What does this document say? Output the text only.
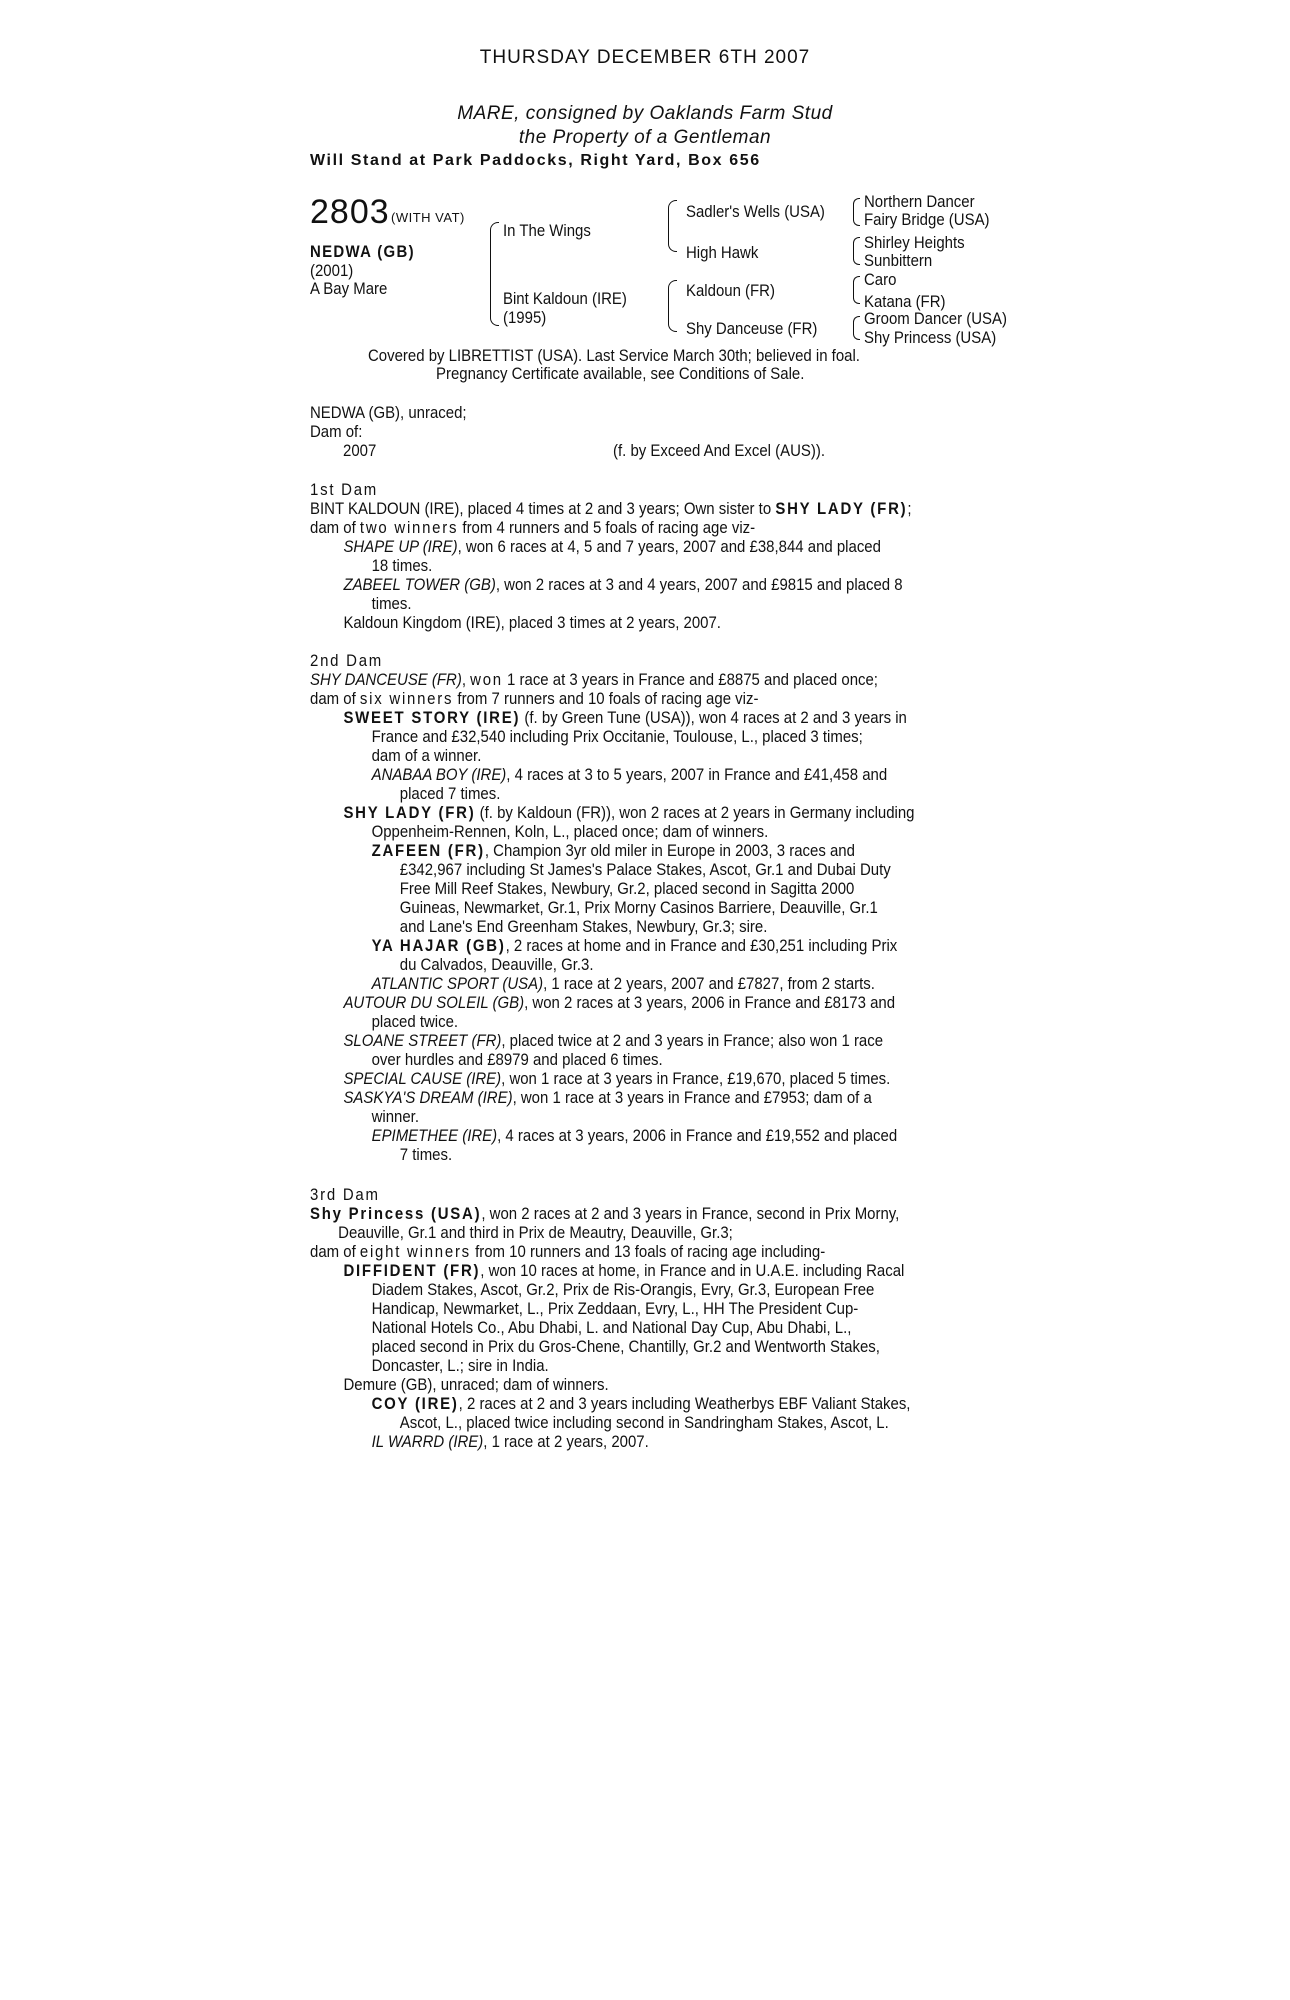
THURSDAY DECEMBER 6TH 2007
MARE, consigned by Oaklands Farm Stud
the Property of a Gentleman
Will Stand at Park Paddocks, Right Yard, Box 656
2803 (WITH VAT)
NEDWA (GB)
(2001)
A Bay Mare
In The Wings
Bint Kaldoun (IRE)
(1995)
Sadler's Wells (USA)
High Hawk
Kaldoun (FR)
Shy Danceuse (FR)
Northern Dancer
Fairy Bridge (USA)
Shirley Heights
Sunbittern
Caro
Katana (FR)
Groom Dancer (USA)
Shy Princess (USA)
Covered by LIBRETTIST (USA). Last Service March 30th; believed in foal.
Pregnancy Certificate available, see Conditions of Sale.
NEDWA (GB), unraced;
Dam of:
2007	(f. by Exceed And Excel (AUS)).
1st Dam
BINT KALDOUN (IRE), placed 4 times at 2 and 3 years; Own sister to SHY LADY (FR);
dam of two winners from 4 runners and 5 foals of racing age viz-
SHAPE UP (IRE), won 6 races at 4, 5 and 7 years, 2007 and £38,844 and placed
18 times.
ZABEEL TOWER (GB), won 2 races at 3 and 4 years, 2007 and £9815 and placed 8
times.
Kaldoun Kingdom (IRE), placed 3 times at 2 years, 2007.
2nd Dam
SHY DANCEUSE (FR), won 1 race at 3 years in France and £8875 and placed once;
dam of six winners from 7 runners and 10 foals of racing age viz-
SWEET STORY (IRE) (f. by Green Tune (USA)), won 4 races at 2 and 3 years in
France and £32,540 including Prix Occitanie, Toulouse, L., placed 3 times;
dam of a winner.
ANABAA BOY (IRE), 4 races at 3 to 5 years, 2007 in France and £41,458 and
placed 7 times.
SHY LADY (FR) (f. by Kaldoun (FR)), won 2 races at 2 years in Germany including
Oppenheim-Rennen, Koln, L., placed once; dam of winners.
ZAFEEN (FR), Champion 3yr old miler in Europe in 2003, 3 races and
£342,967 including St James's Palace Stakes, Ascot, Gr.1 and Dubai Duty
Free Mill Reef Stakes, Newbury, Gr.2, placed second in Sagitta 2000
Guineas, Newmarket, Gr.1, Prix Morny Casinos Barriere, Deauville, Gr.1
and Lane's End Greenham Stakes, Newbury, Gr.3; sire.
YA HAJAR (GB), 2 races at home and in France and £30,251 including Prix
du Calvados, Deauville, Gr.3.
ATLANTIC SPORT (USA), 1 race at 2 years, 2007 and £7827, from 2 starts.
AUTOUR DU SOLEIL (GB), won 2 races at 3 years, 2006 in France and £8173 and
placed twice.
SLOANE STREET (FR), placed twice at 2 and 3 years in France; also won 1 race
over hurdles and £8979 and placed 6 times.
SPECIAL CAUSE (IRE), won 1 race at 3 years in France, £19,670, placed 5 times.
SASKYA'S DREAM (IRE), won 1 race at 3 years in France and £7953; dam of a
winner.
EPIMETHEE (IRE), 4 races at 3 years, 2006 in France and £19,552 and placed
7 times.
3rd Dam
Shy Princess (USA), won 2 races at 2 and 3 years in France, second in Prix Morny,
Deauville, Gr.1 and third in Prix de Meautry, Deauville, Gr.3;
dam of eight winners from 10 runners and 13 foals of racing age including-
DIFFIDENT (FR), won 10 races at home, in France and in U.A.E. including Racal
Diadem Stakes, Ascot, Gr.2, Prix de Ris-Orangis, Evry, Gr.3, European Free
Handicap, Newmarket, L., Prix Zeddaan, Evry, L., HH The President Cup-
National Hotels Co., Abu Dhabi, L. and National Day Cup, Abu Dhabi, L.,
placed second in Prix du Gros-Chene, Chantilly, Gr.2 and Wentworth Stakes,
Doncaster, L.; sire in India.
Demure (GB), unraced; dam of winners.
COY (IRE), 2 races at 2 and 3 years including Weatherbys EBF Valiant Stakes,
Ascot, L., placed twice including second in Sandringham Stakes, Ascot, L.
IL WARRD (IRE), 1 race at 2 years, 2007.
